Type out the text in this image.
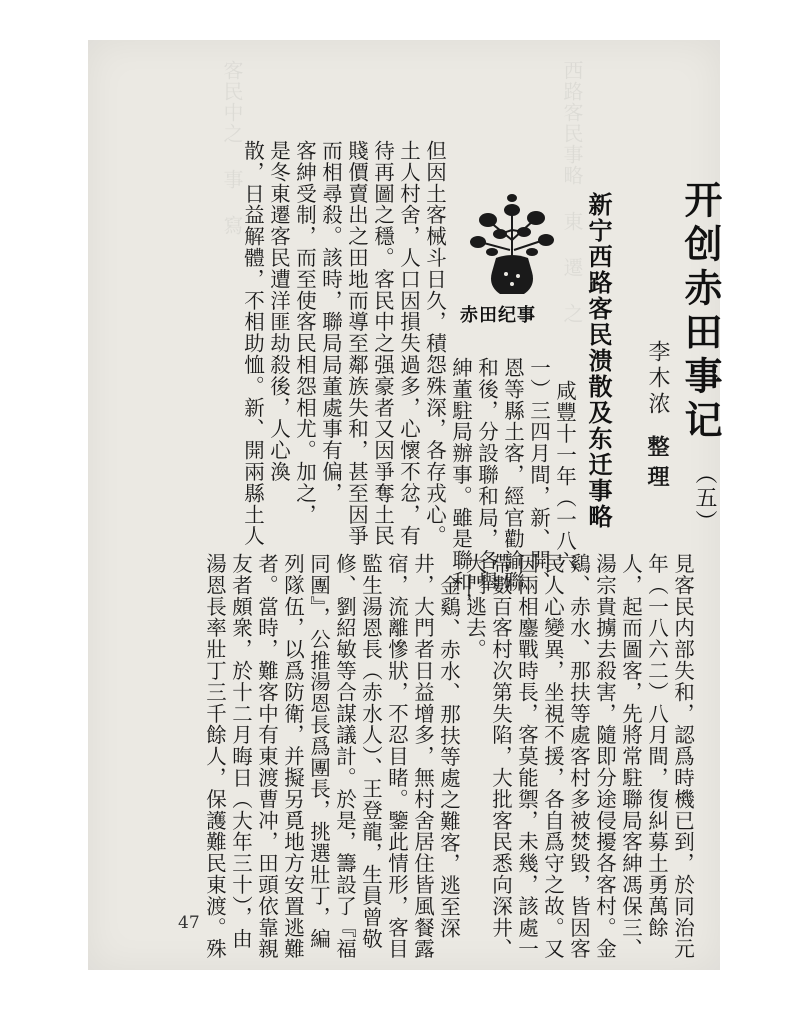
西路客民事略 東 遷 之
客民中之 事 寫
开创赤田事记
（五）
李木浓
整理
新宁西路客民溃散及东迁事略
赤田纪事
咸豐十一年（一八六
一）三四月間，新、開、
恩等縣土客，經官勸諭聯
和後，分設聯和局，各舉
紳董駐局辦事。雖是聯和，
但因土客械斗日久，積怨殊深，各存戎心。
土人村舍，人口因損失過多，心懷不忿，有
待再圖之穩。客民中之强豪者又因爭奪土民
賤價賣出之田地而導至鄰族失和，甚至因爭
而相尋殺。該時，聯局局董處事有偏，
客紳受制，而至使客民相怨相尤。加之，
是冬東遷客民遭洋匪劫殺後，人心渙
散，日益解體，不相助恤。新、開兩縣土人
見客民内部失和，認爲時機已到，於同治元
年（一八六二）八月間，復糾募土勇萬餘
人，起而圖客，先將常駐聯局客紳馮保三、
湯宗貴擄去殺害，隨即分途侵擾各客村。金
鷄、赤水、那扶等處客村多被焚毀，皆因客
民人心變異，坐視不援，各自爲守之故。又
因兩相鏖戰時長，客莫能禦，未幾，該處一
帶數百客村次第失陷，大批客民悉向深井、
大門逃去。
金鷄、赤水、那扶等處之難客，逃至深
井，大門者日益增多，無村舍居住皆風餐露
宿，流離慘狀，不忍目睹。鑒此情形，客目
監生湯恩長（赤水人）、王登龍，生員曾敬
修、劉紹敏等合謀議計。於是，籌設了『福
同團』，公推湯恩長爲團長，挑選壯丁，編
列隊伍，以爲防衛，并擬另覓地方安置逃難
者。當時，難客中有東渡曹冲，田頭依靠親
友者頗衆，於十二月晦日（大年三十），由
湯恩長率壯丁三千餘人，保護難民東渡。殊
47
